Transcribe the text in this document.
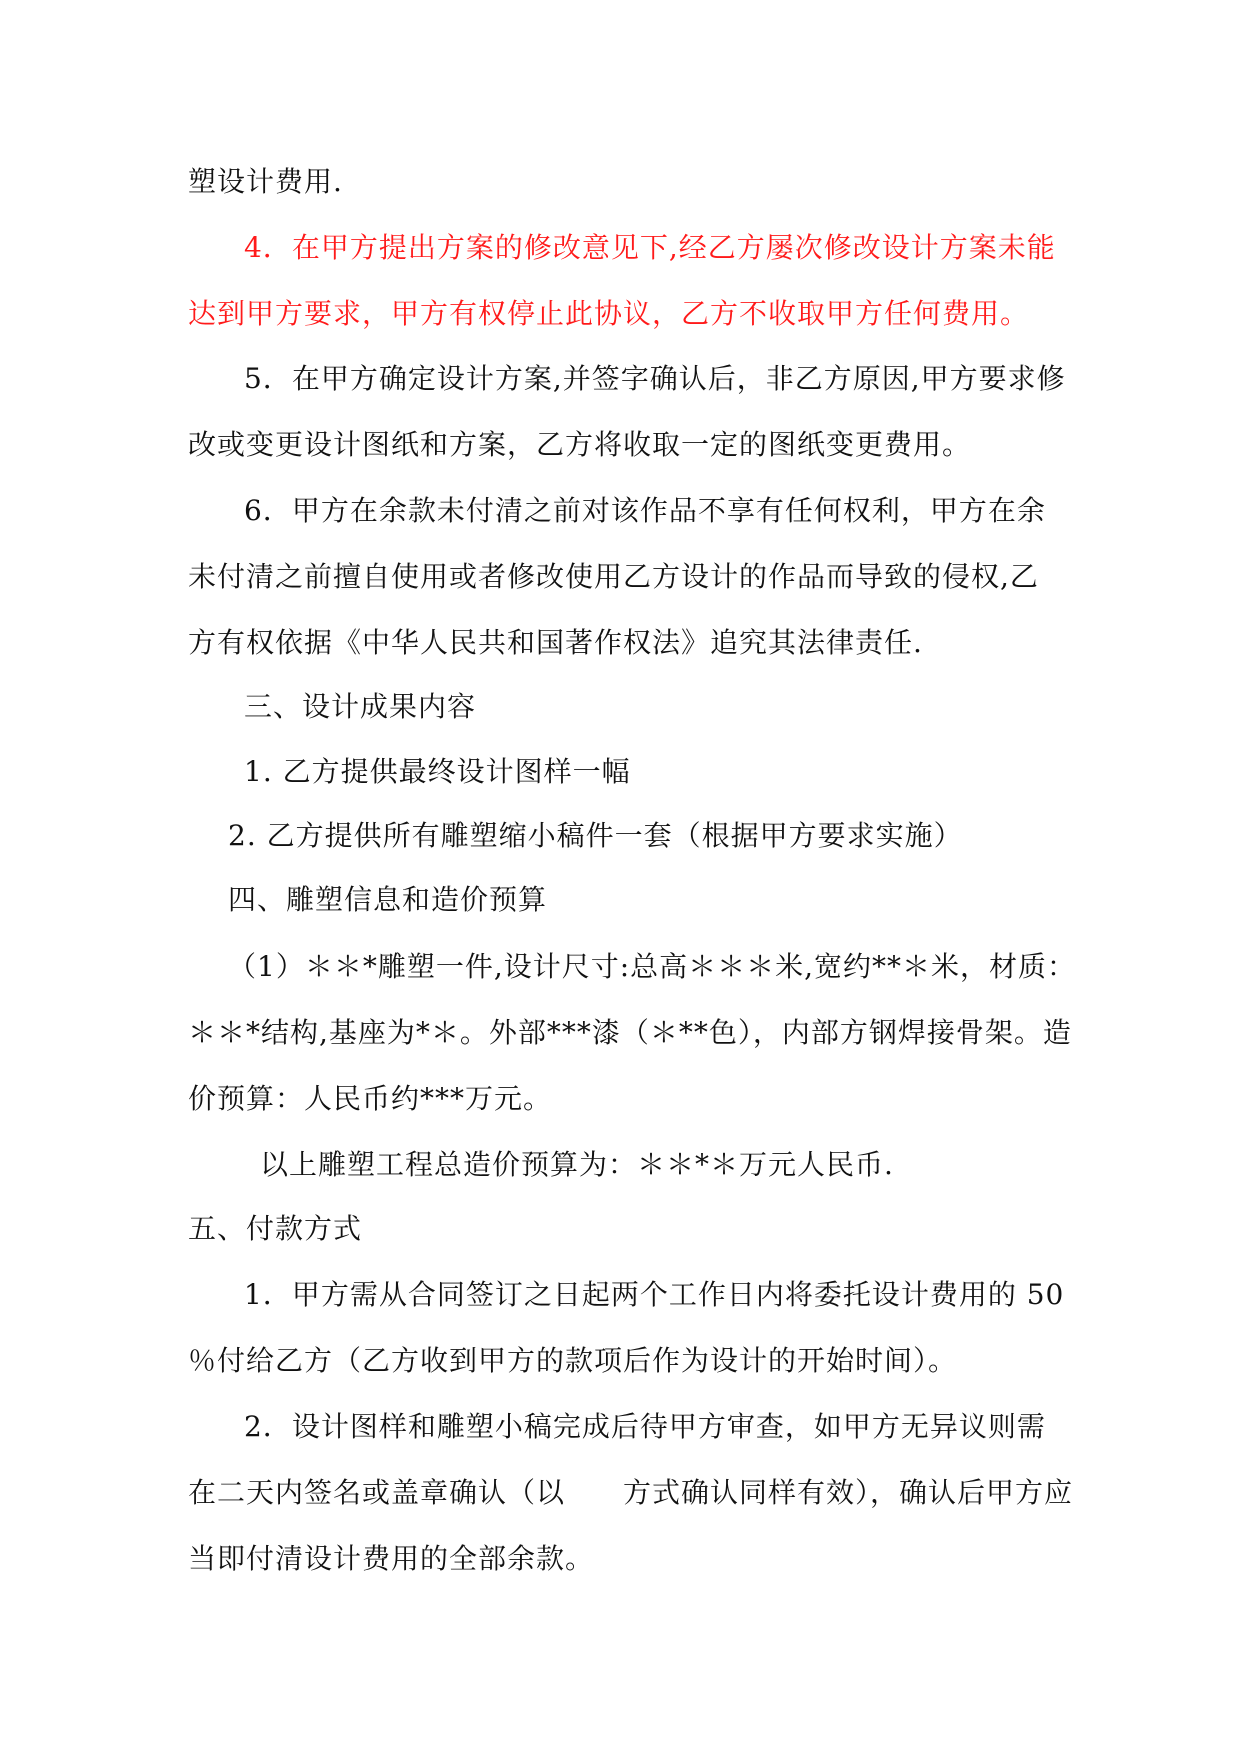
塑设计费用.
4．在甲方提出方案的修改意见下,经乙方屡次修改设计方案未能
达到甲方要求，甲方有权停止此协议，乙方不收取甲方任何费用。
5．在甲方确定设计方案,并签字确认后，非乙方原因,甲方要求修
改或变更设计图纸和方案，乙方将收取一定的图纸变更费用。
6．甲方在余款未付清之前对该作品不享有任何权利，甲方在余
未付清之前擅自使用或者修改使用乙方设计的作品而导致的侵权,乙
方有权依据《中华人民共和国著作权法》追究其法律责任.
三、设计成果内容
1. 乙方提供最终设计图样一幅
2. 乙方提供所有雕塑缩小稿件一套（根据甲方要求实施）
四、雕塑信息和造价预算
（1）＊＊*雕塑一件,设计尺寸:总高＊＊＊米,宽约**＊米，材质：
＊＊*结构,基座为*＊。外部***漆（＊**色），内部方钢焊接骨架。造
价预算：人民币约***万元。
以上雕塑工程总造价预算为：＊＊*＊万元人民币.
五、付款方式
1．甲方需从合同签订之日起两个工作日内将委托设计费用的 50
％付给乙方（乙方收到甲方的款项后作为设计的开始时间）。
2．设计图样和雕塑小稿完成后待甲方审查，如甲方无异议则需
在二天内签名或盖章确认（以　　方式确认同样有效），确认后甲方应
当即付清设计费用的全部余款。
